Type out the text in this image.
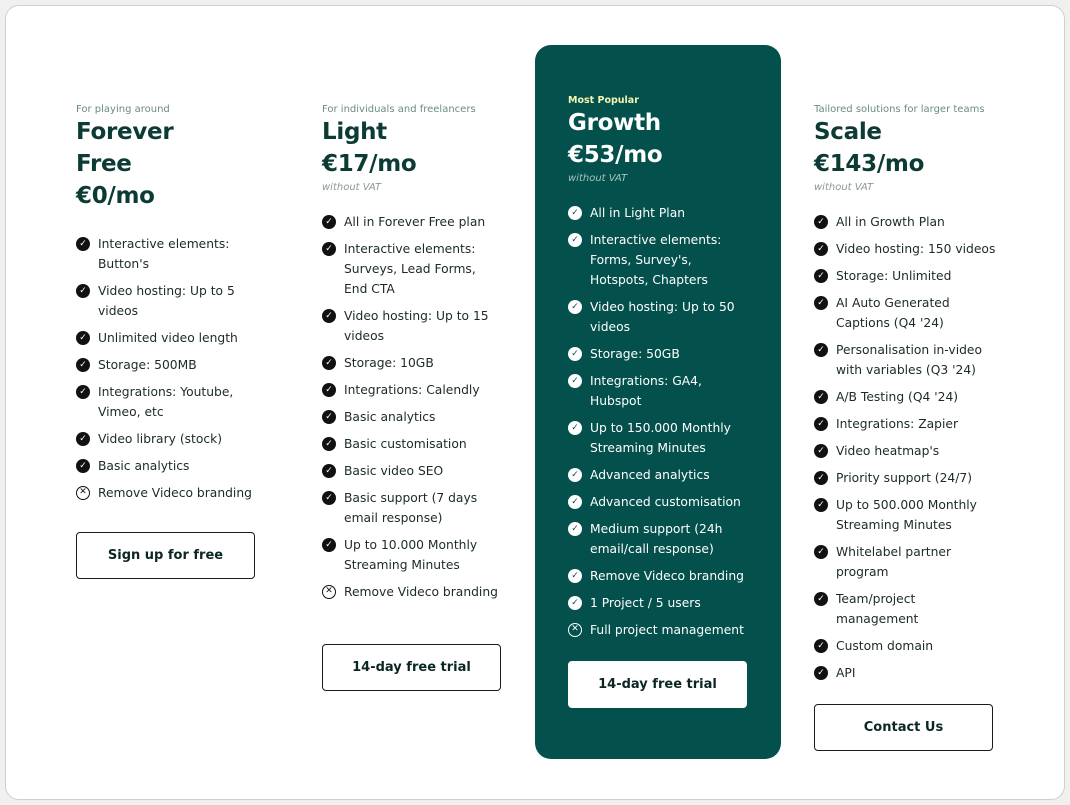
For playing around
Forever
Free
€0/mo
✓ Interactive elements: Button's
✓ Video hosting: Up to 5 videos
✓ Unlimited video length
✓ Storage: 500MB
✓ Integrations: Youtube, Vimeo, etc
✓ Video library (stock)
✓ Basic analytics
✕ Remove Videco branding
Sign up for free
For individuals and freelancers
Light
€17/mo
without VAT
✓ All in Forever Free plan
✓ Interactive elements: Surveys, Lead Forms, End CTA
✓ Video hosting: Up to 15 videos
✓ Storage: 10GB
✓ Integrations: Calendly
✓ Basic analytics
✓ Basic customisation
✓ Basic video SEO
✓ Basic support (7 days email response)
✓ Up to 10.000 Monthly Streaming Minutes
✕ Remove Videco branding
14-day free trial
Most Popular
Growth
€53/mo
without VAT
✓ All in Light Plan
✓ Interactive elements: Forms, Survey's, Hotspots, Chapters
✓ Video hosting: Up to 50 videos
✓ Storage: 50GB
✓ Integrations: GA4, Hubspot
✓ Up to 150.000 Monthly Streaming Minutes
✓ Advanced analytics
✓ Advanced customisation
✓ Medium support (24h email/call response)
✓ Remove Videco branding
✓ 1 Project / 5 users
✕ Full project management
14-day free trial
Tailored solutions for larger teams
Scale
€143/mo
without VAT
✓ All in Growth Plan
✓ Video hosting: 150 videos
✓ Storage: Unlimited
✓ AI Auto Generated Captions (Q4 '24)
✓ Personalisation in-video with variables (Q3 '24)
✓ A/B Testing (Q4 '24)
✓ Integrations: Zapier
✓ Video heatmap's
✓ Priority support (24/7)
✓ Up to 500.000 Monthly Streaming Minutes
✓ Whitelabel partner program
✓ Team/project management
✓ Custom domain
✓ API
Contact Us
